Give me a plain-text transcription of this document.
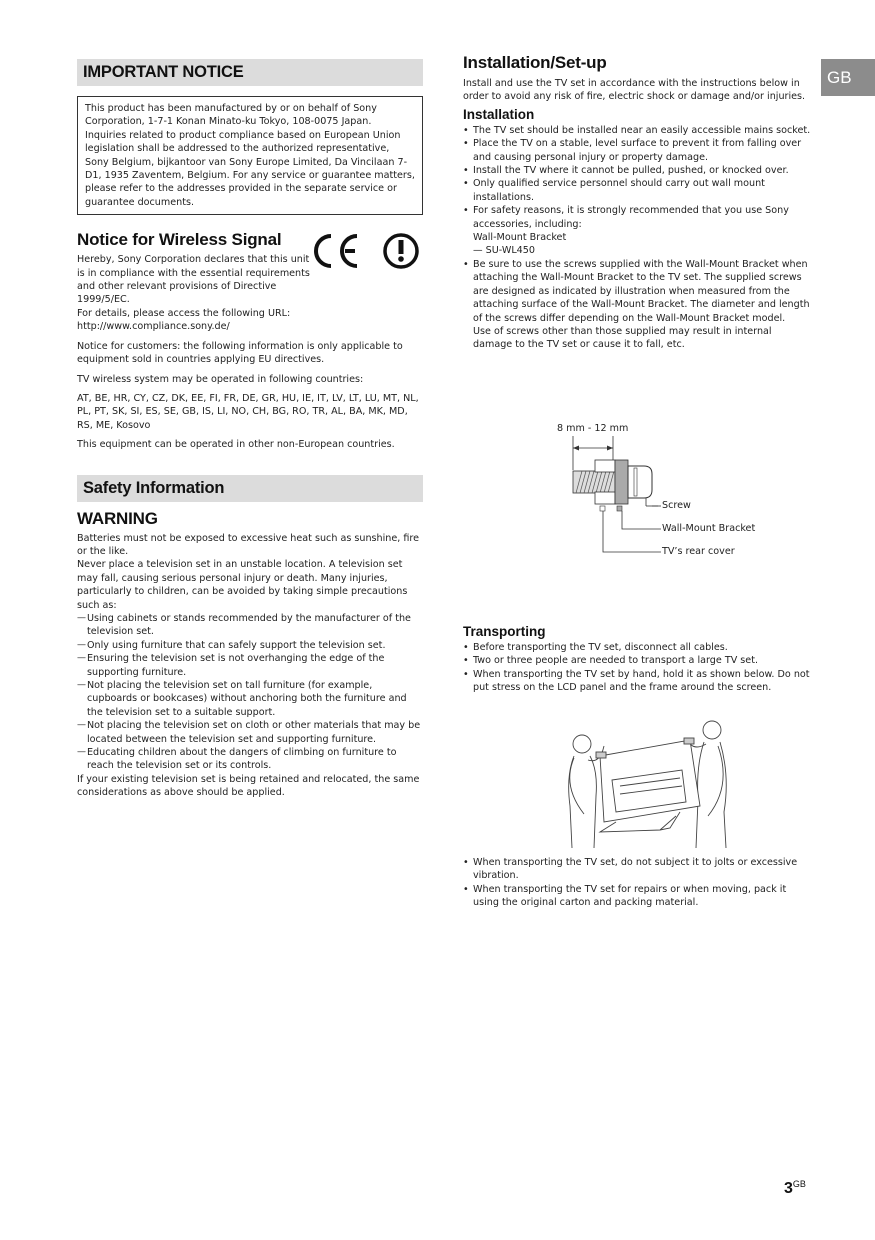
GB
IMPORTANT NOTICE
This product has been manufactured by or on behalf of Sony Corporation, 1-7-1 Konan Minato-ku Tokyo, 108-0075 Japan. Inquiries related to product compliance based on European Union legislation shall be addressed to the authorized representative, Sony Belgium, bijkantoor van Sony Europe Limited, Da Vincilaan 7-D1, 1935 Zaventem, Belgium. For any service or guarantee matters, please refer to the addresses provided in the separate service or guarantee documents.
Notice for Wireless Signal

Hereby, Sony Corporation declares that this unit is in compliance with the essential requirements and other relevant provisions of Directive 1999/5/EC.

For details, please access the following URL:

http://www.compliance.sony.de/

Notice for customers: the following information is only applicable to equipment sold in countries applying EU directives.

TV wireless system may be operated in following countries:

AT, BE, HR, CY, CZ, DK, EE, FI, FR, DE, GR, HU, IE, IT, LV, LT, LU, MT, NL, PL, PT, SK, SI, ES, SE, GB, IS, LI, NO, CH, BG, RO, TR, AL, BA, MK, MD, RS, ME, Kosovo

This equipment can be operated in other non-European countries.

Safety Information
WARNING

Batteries must not be exposed to excessive heat such as sunshine, fire or the like.

Never place a television set in an unstable location. A television set may fall, causing serious personal injury or death. Many injuries, particularly to children, can be avoided by taking simple precautions such as:

— Using cabinets or stands recommended by the manufacturer of the television set.
— Only using furniture that can safely support the television set.
— Ensuring the television set is not overhanging the edge of the supporting furniture.
— Not placing the television set on tall furniture (for example, cupboards or bookcases) without anchoring both the furniture and the television set to a suitable support.
— Not placing the television set on cloth or other materials that may be located between the television set and supporting furniture.
— Educating children about the dangers of climbing on furniture to reach the television set or its controls.

If your existing television set is being retained and relocated, the same considerations as above should be applied.

Installation/Set-up

Install and use the TV set in accordance with the instructions below in order to avoid any risk of fire, electric shock or damage and/or injuries.

Installation
• The TV set should be installed near an easily accessible mains socket.
• Place the TV on a stable, level surface to prevent it from falling over and causing personal injury or property damage.
• Install the TV where it cannot be pulled, pushed, or knocked over.
• Only qualified service personnel should carry out wall mount installations.
• For safety reasons, it is strongly recommended that you use Sony accessories, including:
Wall-Mount Bracket
— SU-WL450
• Be sure to use the screws supplied with the Wall-Mount Bracket when attaching the Wall-Mount Bracket to the TV set. The supplied screws are designed as indicated by illustration when measured from the attaching surface of the Wall-Mount Bracket. The diameter and length of the screws differ depending on the Wall-Mount Bracket model.
Use of screws other than those supplied may result in internal damage to the TV set or cause it to fall, etc.
8 mm - 12 mm
Screw
Wall-Mount Bracket
TV’s rear cover
Transporting
• Before transporting the TV set, disconnect all cables.
• Two or three people are needed to transport a large TV set.
• When transporting the TV set by hand, hold it as shown below. Do not put stress on the LCD panel and the frame around the screen.
• When transporting the TV set, do not subject it to jolts or excessive vibration.
• When transporting the TV set for repairs or when moving, pack it using the original carton and packing material.
$3^{GB}$
